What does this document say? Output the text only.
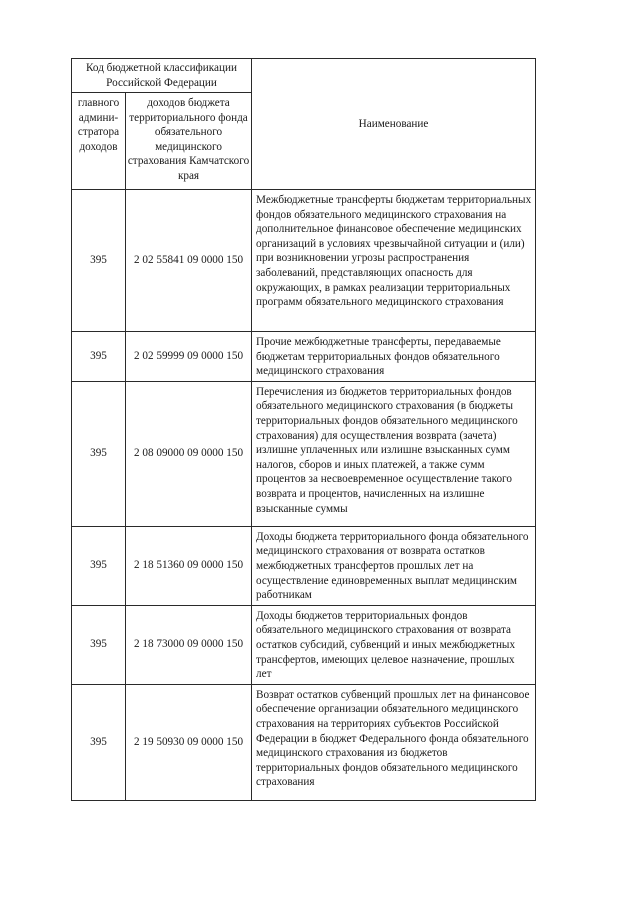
Код бюджетной классификации Российской Федерации		Наименование
главного админи-стратора доходов	доходов бюджета территориального фонда обязательного медицинского страхования Камчатского края	
395	2 02 55841 09 0000 150	Межбюджетные трансферты бюджетам территориальных фондов обязательного медицинского страхования на дополнительное финансовое обеспечение медицинских организаций в условиях чрезвычайной ситуации и (или) при возникновении угрозы распространения заболеваний, представляющих опасность для окружающих, в рамках реализации территориальных программ обязательного медицинского страхования
395	2 02 59999 09 0000 150	Прочие межбюджетные трансферты, передаваемые бюджетам территориальных фондов обязательного медицинского страхования
395	2 08 09000 09 0000 150	Перечисления из бюджетов территориальных фондов обязательного медицинского страхования (в бюджеты территориальных фондов обязательного медицинского страхования) для осуществления возврата (зачета) излишне уплаченных или излишне взысканных сумм налогов, сборов и иных платежей, а также сумм процентов за несвоевременное осуществление такого возврата и процентов, начисленных на излишне взысканные суммы
395	2 18 51360 09 0000 150	Доходы бюджета территориального фонда обязательного медицинского страхования от возврата остатков межбюджетных трансфертов прошлых лет на осуществление единовременных выплат медицинским работникам
395	2 18 73000 09 0000 150	Доходы бюджетов территориальных фондов обязательного медицинского страхования от возврата остатков субсидий, субвенций и иных межбюджетных трансфертов, имеющих целевое назначение, прошлых лет
395	2 19 50930 09 0000 150	Возврат остатков субвенций прошлых лет на финансовое обеспечение организации обязательного медицинского страхования на территориях субъектов Российской Федерации в бюджет Федерального фонда обязательного медицинского страхования из бюджетов территориальных фондов обязательного медицинского страхования
